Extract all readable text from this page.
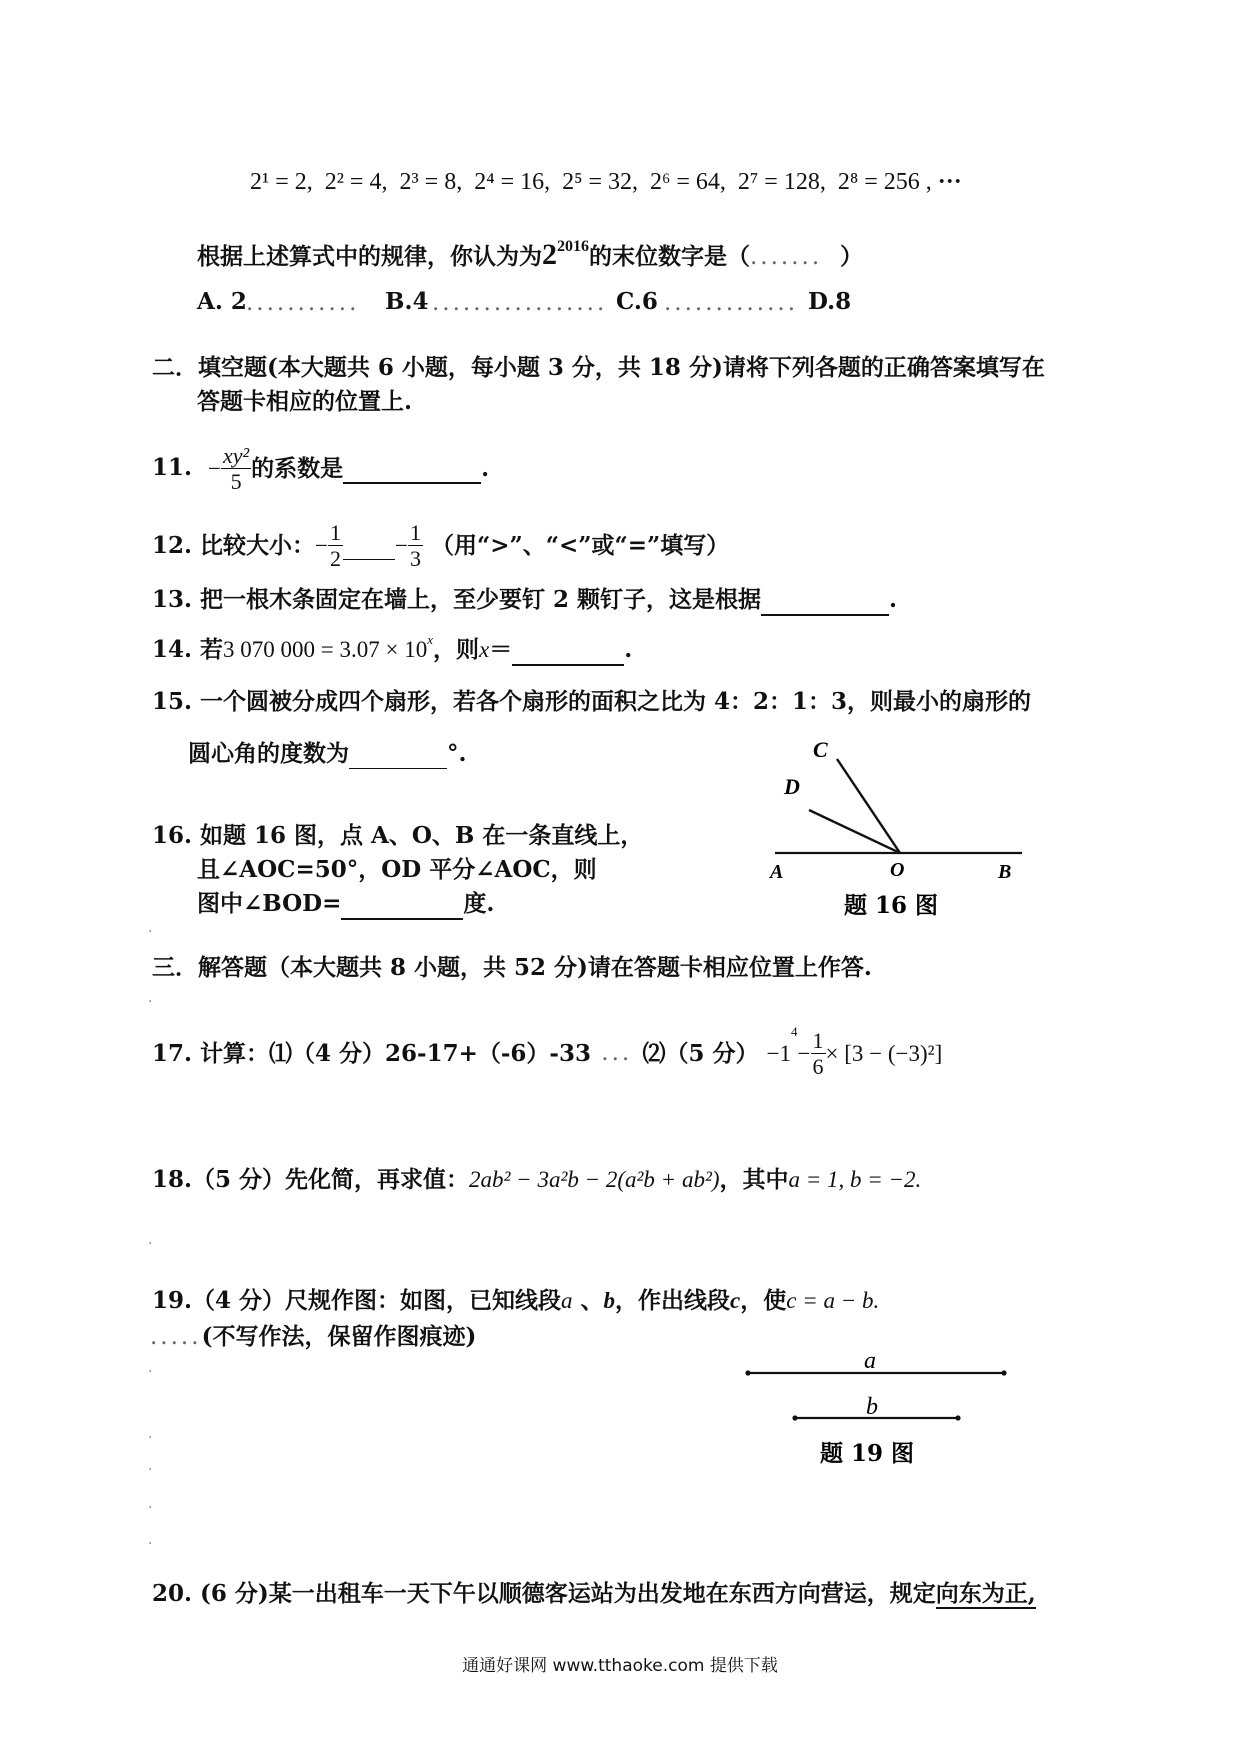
2¹ = 2, 2² = 4, 2³ = 8, 2⁴ = 16, 2⁵ = 32, 2⁶ = 64, 2⁷ = 128, 2⁸ = 256 , ···
根据上述算式中的规律，你认为为$2^{2016}$的末位数字是（....... ）
A. 2	B.4	C.6	D.8
...........	................. .............
二．填空题(本大题共 6 小题，每小题 3 分，共 18 分)请将下列各题的正确答案填写在
答题卡相应的位置上.
11. − $\frac{\text{xy²}}{5}$ 的系数是	.
12. 比较大小：− $\frac{1}{2} - \frac{1}{3}$ （用“>”、“<”或“=”填写）
13. 把一根木条固定在墙上，至少要钉 2 颗钉子，这是根据	.
14. 若3 070 $000 = 3.07 \times 10^x$，则x＝	.
15. 一个圆被分成四个扇形，若各个扇形的面积之比为 4：2：1：3，则最小的扇形的
圆心角的度数为	°.
16. 如题 16 图，点 A、O、B 在一条直线上，
且∠AOC=50°，OD 平分∠AOC，则
图中∠BOD=	度.
C
D
A	O	B
题 16 图
.
三．解答题（本大题共 8 小题，共 52 分)请在答题卡相应位置上作答.
.
17. 计算：⑴（4 分）26-17+（-6）-33 ... ⑵（5 分） $-1^4- \frac{1}{6} \times [3 - (-3)^2]$
18.（5 分）先化简，再求值：2ab² − 3a²b − 2(a²b + ab²)，其中a = 1, b = −2.
.
19.（4 分）尺规作图：如图，已知线段a 、b，作出线段c，使c = a − b.
.....(不写作法，保留作图痕迹)
a
b
题 19 图
.
.
.
.
.
20. (6 分)某一出租车一天下午以顺德客运站为出发地在东西方向营运，规定向东为正,
通通好课网 www.tthaoke.com 提供下载
